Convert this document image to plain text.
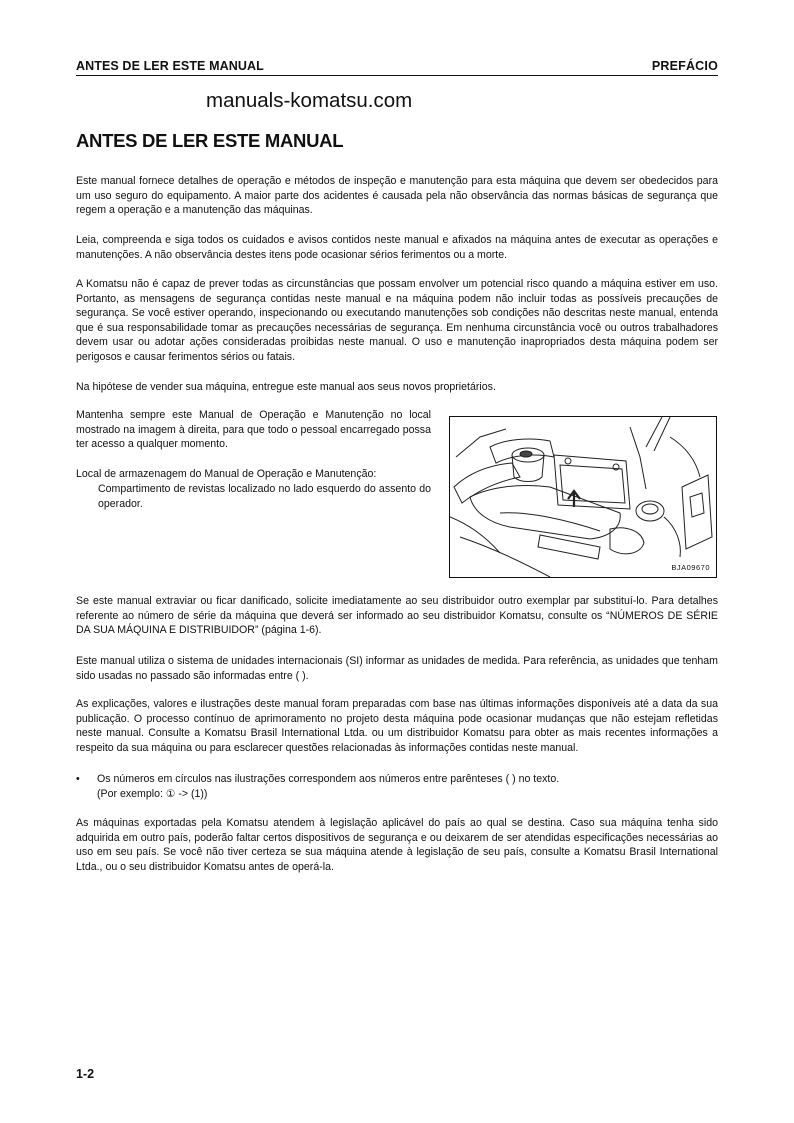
ANTES DE LER ESTE MANUAL	PREFÁCIO
manuals-komatsu.com
ANTES DE LER ESTE MANUAL

Este manual fornece detalhes de operação e métodos de inspeção e manutenção para esta máquina que devem ser obedecidos para um uso seguro do equipamento. A maior parte dos acidentes é causada pela não observância das normas básicas de segurança que regem a operação e a manutenção das máquinas.

Leia, compreenda e siga todos os cuidados e avisos contidos neste manual e afixados na máquina antes de executar as operações e manutenções. A não observância destes itens pode ocasionar sérios ferimentos ou a morte.

A Komatsu não é capaz de prever todas as circunstâncias que possam envolver um potencial risco quando a máquina estiver em uso. Portanto, as mensagens de segurança contidas neste manual e na máquina podem não incluir todas as possíveis precauções de segurança. Se você estiver operando, inspecionando ou executando manutenções sob condições não descritas neste manual, entenda que é sua responsabilidade tomar as precauções necessárias de segurança. Em nenhuma circunstância você ou outros trabalhadores devem usar ou adotar ações consideradas proibidas neste manual. O uso e manutenção inapropriados desta máquina podem ser perigosos e causar ferimentos sérios ou fatais.

Na hipótese de vender sua máquina, entregue este manual aos seus novos proprietários.

Mantenha sempre este Manual de Operação e Manutenção no local mostrado na imagem à direita, para que todo o pessoal encarregado possa ter acesso a qualquer momento.

Local de armazenagem do Manual de Operação e Manutenção:

Compartimento de revistas localizado no lado esquerdo do assento do operador.

BJA09670

Se este manual extraviar ou ficar danificado, solicite imediatamente ao seu distribuidor outro exemplar par substituí-lo. Para detalhes referente ao número de série da máquina que deverá ser informado ao seu distribuidor Komatsu, consulte os “NÚMEROS DE SÉRIE DA SUA MÁQUINA E DISTRIBUIDOR” (página 1-6).

Este manual utiliza o sistema de unidades internacionais (SI) informar as unidades de medida. Para referência, as unidades que tenham sido usadas no passado são informadas entre ( ).

As explicações, valores e ilustrações deste manual foram preparadas com base nas últimas informações disponíveis até a data da sua publicação. O processo contínuo de aprimoramento no projeto desta máquina pode ocasionar mudanças que não estejam refletidas neste manual. Consulte a Komatsu Brasil International Ltda. ou um distribuidor Komatsu para obter as mais recentes informações a respeito da sua máquina ou para esclarecer questões relacionadas às informações contidas neste manual.

• Os números em círculos nas ilustrações correspondem aos números entre parênteses ( ) no texto.
(Por exemplo: ① -> (1))

As máquinas exportadas pela Komatsu atendem à legislação aplicável do país ao qual se destina. Caso sua máquina tenha sido adquirida em outro país, poderão faltar certos dispositivos de segurança e ou deixarem de ser atendidas especificações necessárias ao uso em seu país. Se você não tiver certeza se sua máquina atende à legislação de seu país, consulte a Komatsu Brasil International Ltda., ou o seu distribuidor Komatsu antes de operá-la.

1-2
